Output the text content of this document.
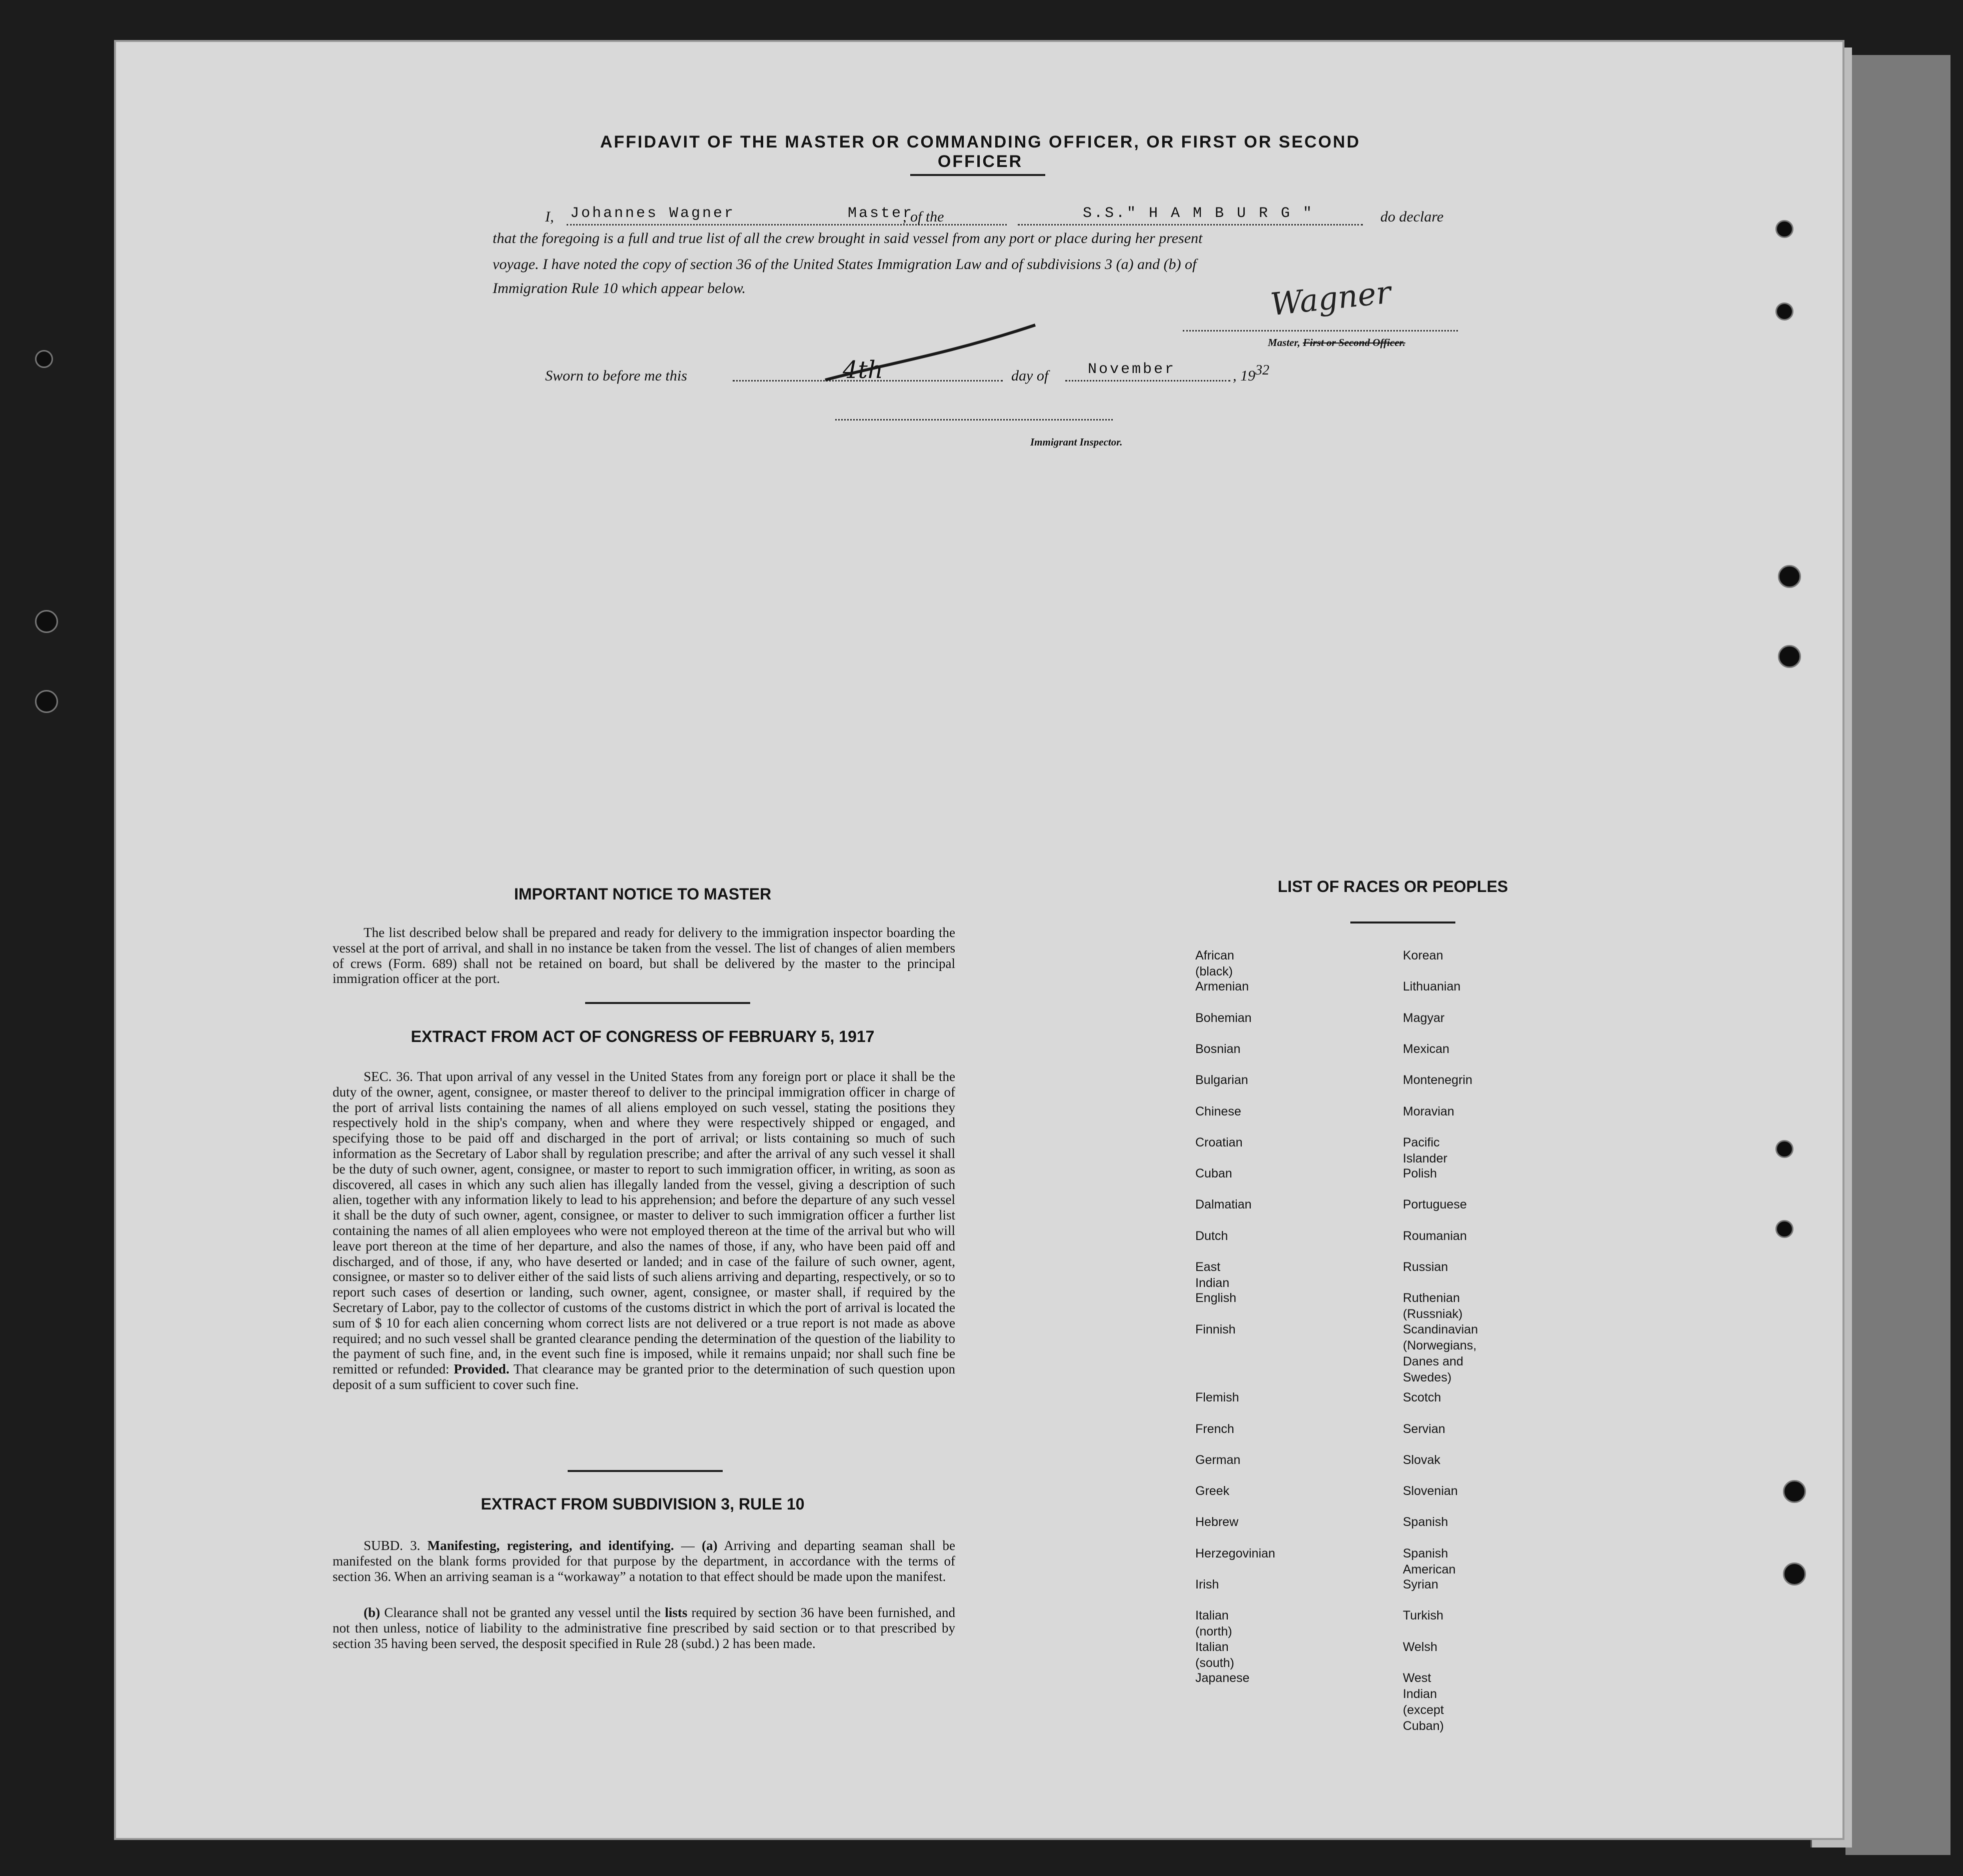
AFFIDAVIT OF THE MASTER OR COMMANDING OFFICER, OR FIRST OR SECOND OFFICER
I, Johannes Wagner	Master
, of the	S.S." H A M B U R G "	do declare
that the foregoing is a full and true list of all the crew brought in said vessel from any port or place during her present
voyage. I have noted the copy of section 36 of the United States Immigration Law and of subdivisions 3 (a) and (b) of
Immigration Rule 10 which appear below.	Wagner
Master, First or Second Officer.
Sworn to before me this	4th	day of	November	, 1932
Immigrant Inspector.
IMPORTANT NOTICE TO MASTER
The list described below shall be prepared and ready for delivery to the immigration inspector boarding the vessel at the port of arrival, and shall in no instance be taken from the vessel. The list of changes of alien members of crews (Form. 689) shall not be retained on board, but shall be delivered by the master to the principal immigration officer at the port.
EXTRACT FROM ACT OF CONGRESS OF FEBRUARY 5, 1917
SEC. 36. That upon arrival of any vessel in the United States from any foreign port or place it shall be the duty of the owner, agent, consignee, or master thereof to deliver to the principal immigration officer in charge of the port of arrival lists containing the names of all aliens employed on such vessel, stating the positions they respectively hold in the ship's company, when and where they were respectively shipped or engaged, and specifying those to be paid off and discharged in the port of arrival; or lists containing so much of such information as the Secretary of Labor shall by regulation prescribe; and after the arrival of any such vessel it shall be the duty of such owner, agent, consignee, or master to report to such immigration officer, in writing, as soon as discovered, all cases in which any such alien has illegally landed from the vessel, giving a description of such alien, together with any information likely to lead to his apprehension; and before the departure of any such vessel it shall be the duty of such owner, agent, consignee, or master to deliver to such immigration officer a further list containing the names of all alien employees who were not employed thereon at the time of the arrival but who will leave port thereon at the time of her departure, and also the names of those, if any, who have been paid off and discharged, and of those, if any, who have deserted or landed; and in case of the failure of such owner, agent, consignee, or master so to deliver either of the said lists of such aliens arriving and departing, respectively, or so to report such cases of desertion or landing, such owner, agent, consignee, or master shall, if required by the Secretary of Labor, pay to the collector of customs of the customs district in which the port of arrival is located the sum of $ 10 for each alien concerning whom correct lists are not delivered or a true report is not made as above required; and no such vessel shall be granted clearance pending the determination of the question of the liability to the payment of such fine, and, in the event such fine is imposed, while it remains unpaid; nor shall such fine be remitted or refunded: Provided. That clearance may be granted prior to the determination of such question upon deposit of a sum sufficient to cover such fine.
EXTRACT FROM SUBDIVISION 3, RULE 10
SUBD. 3. Manifesting, registering, and identifying. — (a) Arriving and departing seaman shall be manifested on the blank forms provided for that purpose by the department, in accordance with the terms of section 36. When an arriving seaman is a “workaway” a notation to that effect should be made upon the manifest.
(b) Clearance shall not be granted any vessel until the lists required by section 36 have been furnished, and not then unless, notice of liability to the administrative fine prescribed by said section or to that prescribed by section 35 having been served, the desposit specified in Rule 28 (subd.) 2 has been made.
LIST OF RACES OR PEOPLES
African (black)
Armenian
Bohemian
Bosnian
Bulgarian
Chinese
Croatian
Cuban
Dalmatian
Dutch
East Indian
English
Finnish
Flemish
French
German
Greek
Hebrew
Herzegovinian
Irish
Italian (north)
Italian (south)
Japanese
Korean
Lithuanian
Magyar
Mexican
Montenegrin
Moravian
Pacific Islander
Polish
Portuguese
Roumanian
Russian
Ruthenian (Russniak)
Scandinavian (Norwegians,
Danes and Swedes)
Scotch
Servian
Slovak
Slovenian
Spanish
Spanish American
Syrian
Turkish
Welsh
West Indian (except Cuban)
